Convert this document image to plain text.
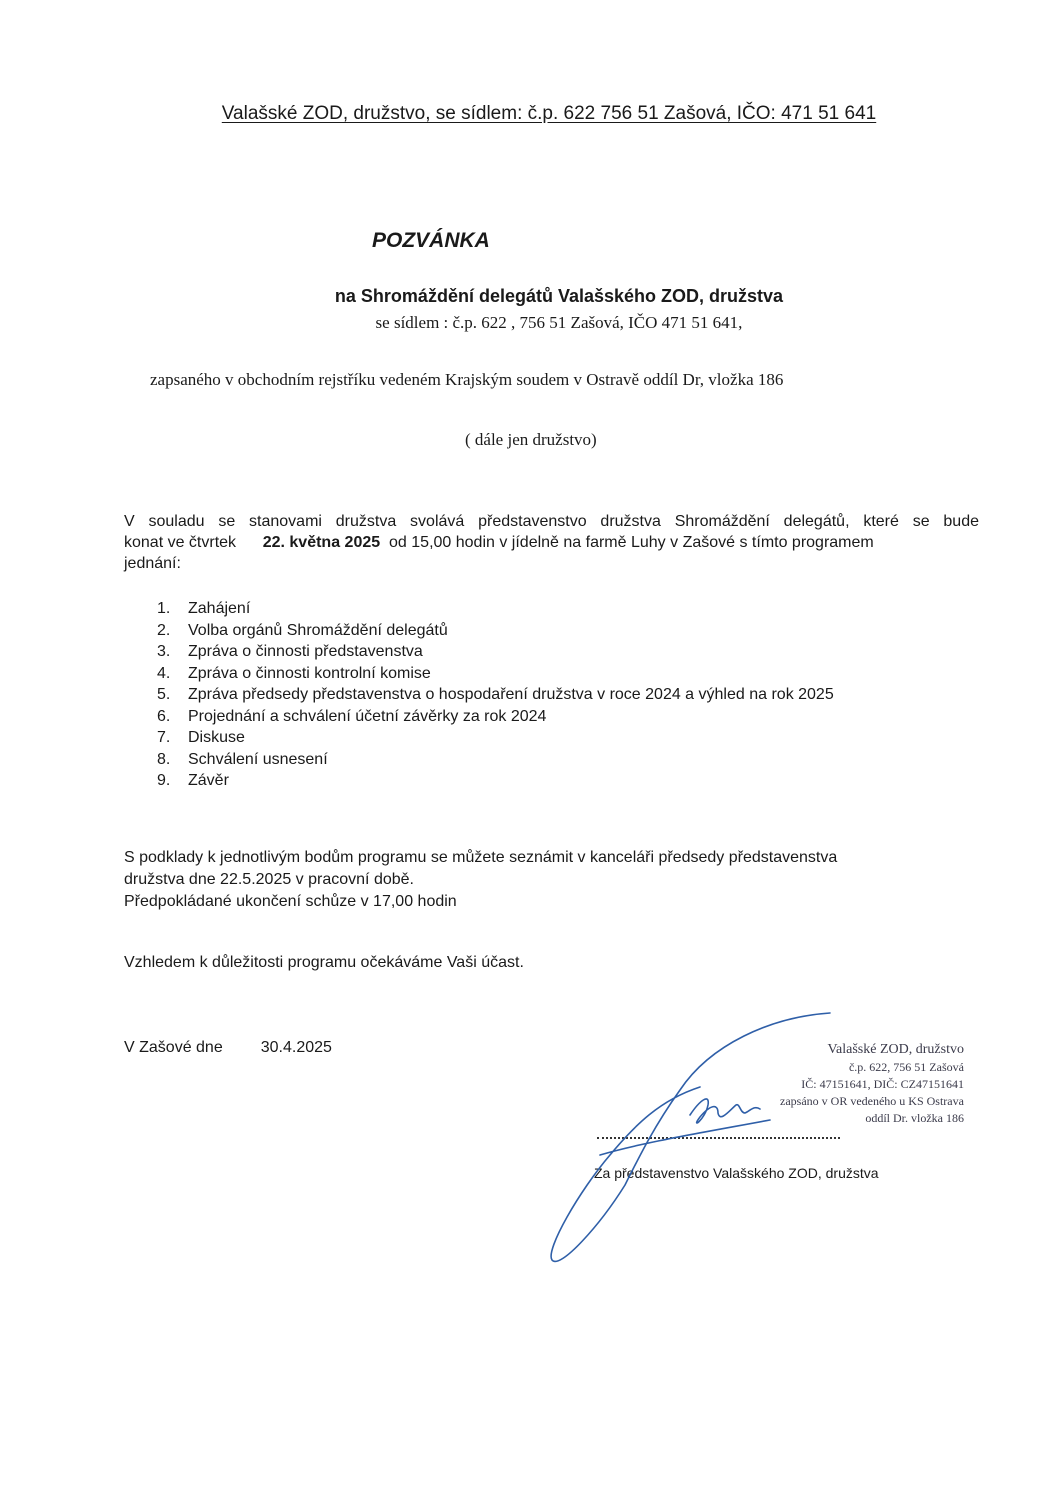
Valašské ZOD, družstvo, se sídlem: č.p. 622 756 51 Zašová, IČO: 471 51 641
POZVÁNKA
na Shromáždění delegátů Valašského ZOD, družstva
se sídlem : č.p. 622 , 756 51 Zašová, IČO 471 51 641,
zapsaného v obchodním rejstříku vedeném Krajským soudem v Ostravě oddíl Dr, vložka 186
( dále jen družstvo)
V souladu se stanovami družstva svolává představenstvo družstva Shromáždění delegátů, které se bude
konat ve čtvrtek 22. května 2025 od 15,00 hodin v jídelně na farmě Luhy v Zašové s tímto programem
jednání:
1.	Zahájení
2.	Volba orgánů Shromáždění delegátů
3.	Zpráva o činnosti představenstva
4.	Zpráva o činnosti kontrolní komise
5.	Zpráva předsedy představenstva o hospodaření družstva v roce 2024 a výhled na rok 2025
6.	Projednání a schválení účetní závěrky za rok 2024
7.	Diskuse
8.	Schválení usnesení
9.	Závěr
S podklady k jednotlivým bodům programu se můžete seznámit v kanceláři předsedy představenstva
družstva dne 22.5.2025 v pracovní době.
Předpokládané ukončení schůze v 17,00 hodin
Vzhledem k důležitosti programu očekáváme Vaši účast.
V Zašové dne 30.4.2025	Valašské ZOD, družstvo
č.p. 622, 756 51 Zašová
IČ: 47151641, DIČ: CZ47151641
zapsáno v OR vedeného u KS Ostrava
oddíl Dr. vložka 186
Za představenstvo Valašského ZOD, družstva
